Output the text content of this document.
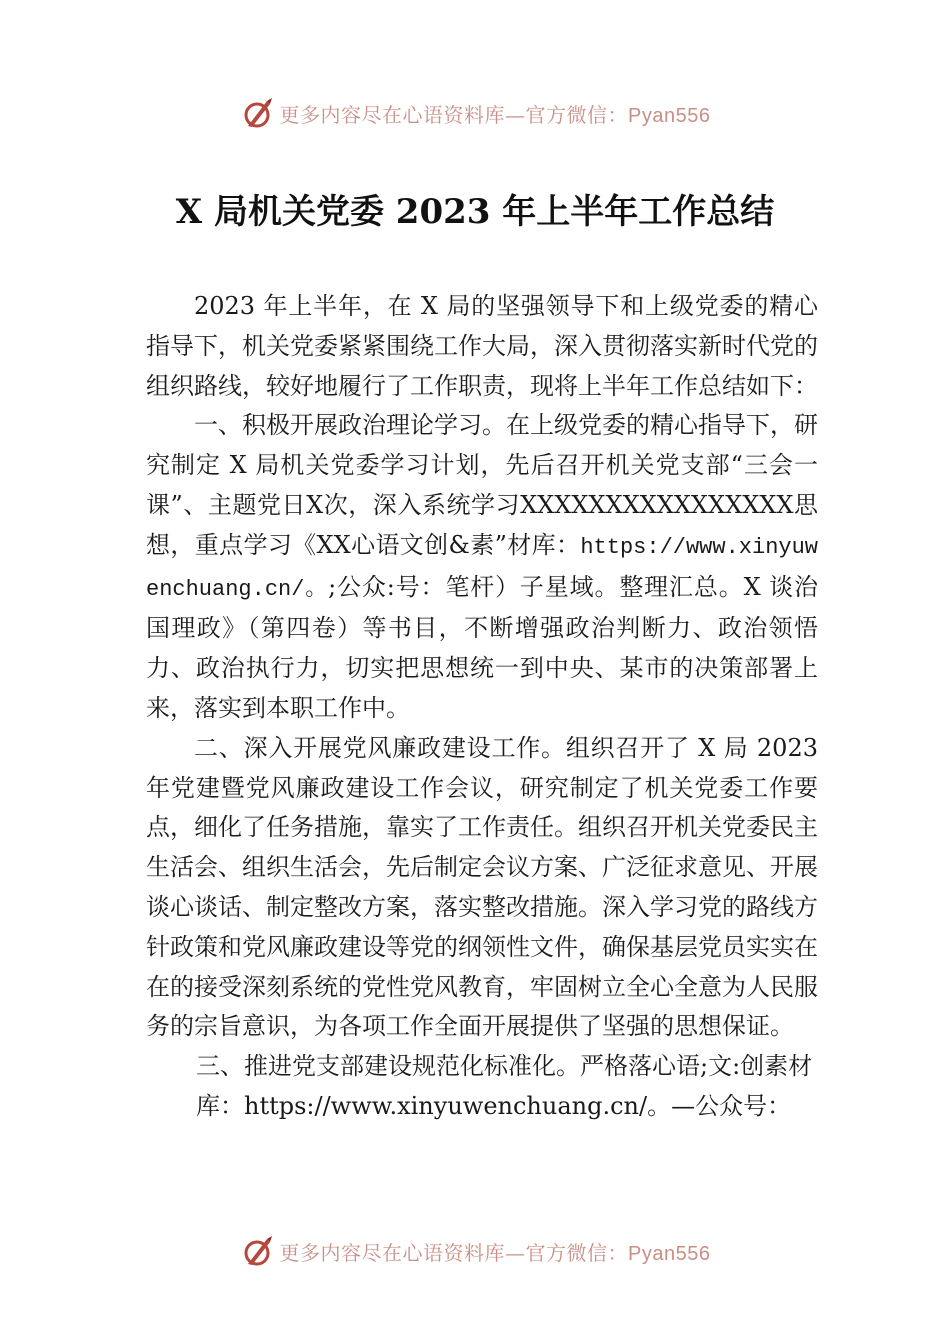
更多内容尽在心语资料库—官方微信：Pyan556
X 局机关党委 2023 年上半年工作总结

2023 年上半年，在 X 局的坚强领导下和上级党委的精心指导下，机关党委紧紧围绕工作大局，深入贯彻落实新时代党的组织路线，较好地履行了工作职责，现将上半年工作总结如下：

一、积极开展政治理论学习。在上级党委的精心指导下，研究制定 X 局机关党委学习计划，先后召开机关党支部“三会一课”、主题党日X次，深入系统学习XXXXXXXXXXXXXXXX思想，重点学习《XX心语文创&素”材库：https://www.xinyuwenchuang.cn/。;公众:号：笔杆）子星域。整理汇总。X 谈治国理政》（第四卷）等书目，不断增强政治判断力、政治领悟力、政治执行力，切实把思想统一到中央、某市的决策部署上来，落实到本职工作中。

二、深入开展党风廉政建设工作。组织召开了 X 局 2023 年党建暨党风廉政建设工作会议，研究制定了机关党委工作要点，细化了任务措施，靠实了工作责任。组织召开机关党委民主生活会、组织生活会，先后制定会议方案、广泛征求意见、开展谈心谈话、制定整改方案，落实整改措施。深入学习党的路线方针政策和党风廉政建设等党的纲领性文件，确保基层党员实实在在的接受深刻系统的党性党风教育，牢固树立全心全意为人民服务的宗旨意识，为各项工作全面开展提供了坚强的思想保证。

三、推进党支部建设规范化标准化。严格落心语;文:创素材库：https://www.xinyuwenchuang.cn/。—公众号：

更多内容尽在心语资料库—官方微信：Pyan556
